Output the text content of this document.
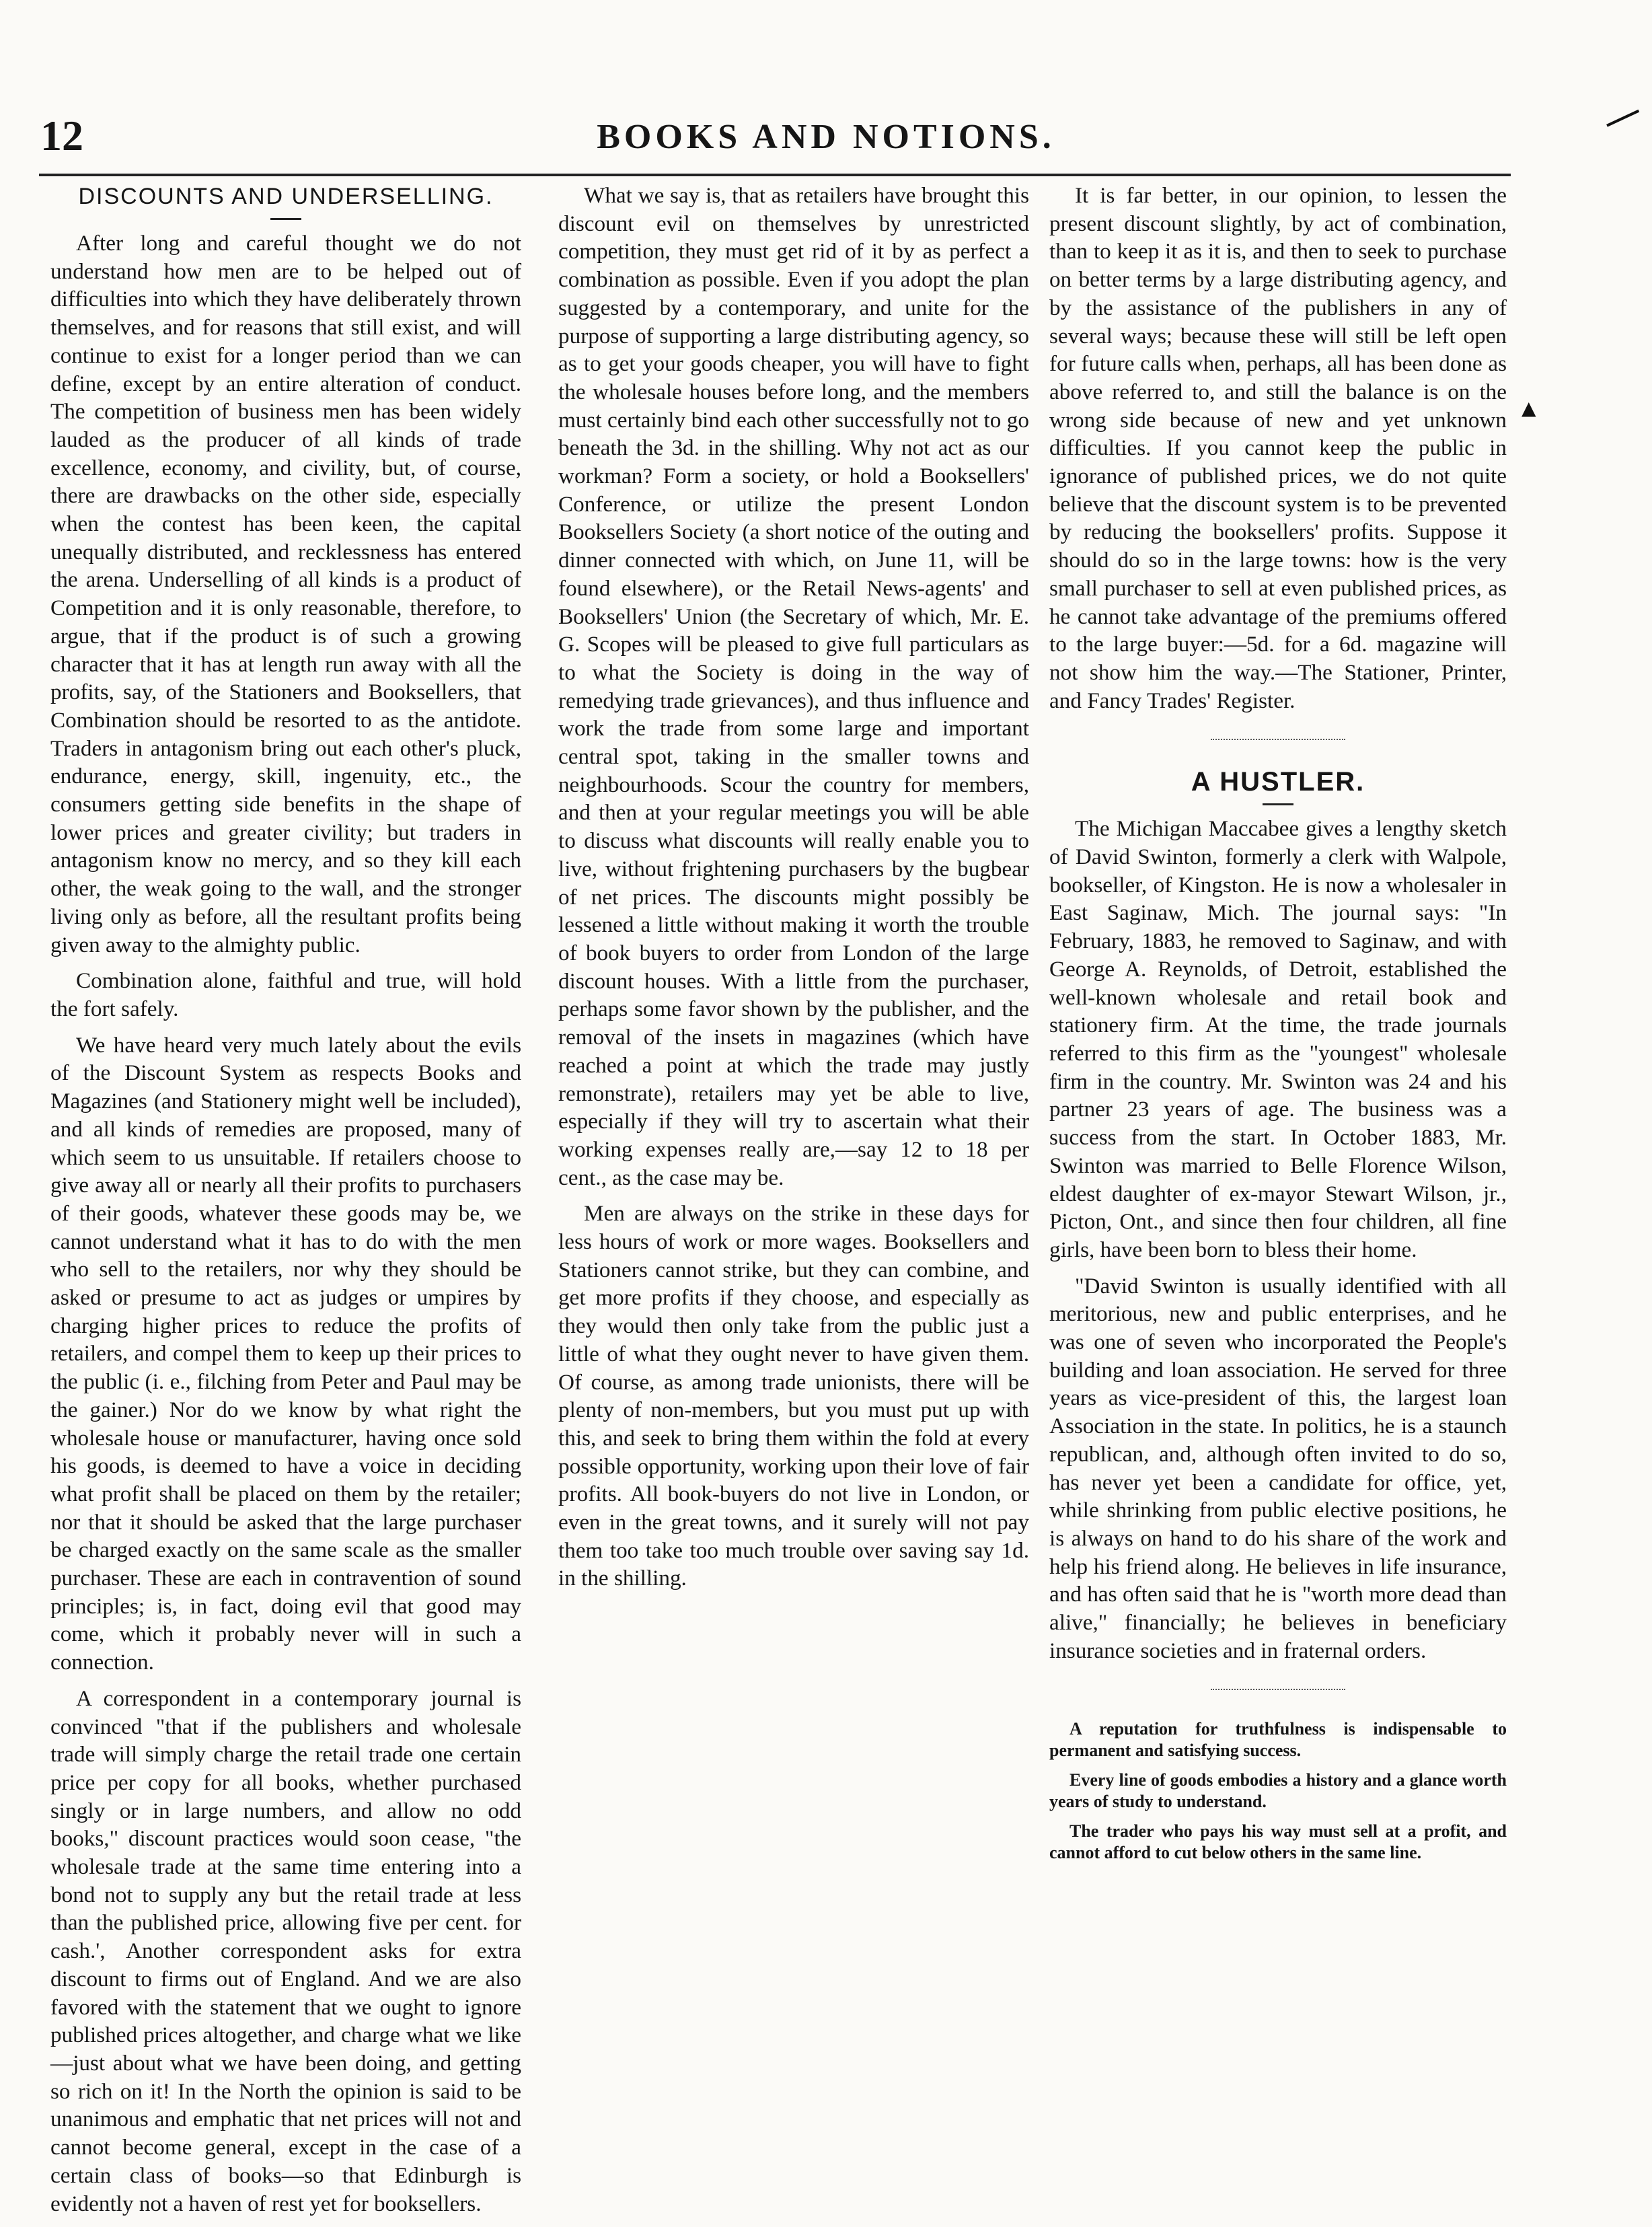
12	BOOKS AND NOTIONS.	—
▲
DISCOUNTS AND UNDERSELLING.

After long and careful thought we do not understand how men are to be helped out of difficulties into which they have deliberately thrown themselves, and for reasons that still exist, and will continue to exist for a longer period than we can define, except by an entire alteration of conduct. The competition of business men has been widely lauded as the producer of all kinds of trade excellence, economy, and civility, but, of course, there are drawbacks on the other side, especially when the contest has been keen, the capital unequally distributed, and recklessness has entered the arena. Underselling of all kinds is a product of Competition and it is only reasonable, therefore, to argue, that if the product is of such a growing character that it has at length run away with all the profits, say, of the Stationers and Booksellers, that Combination should be resorted to as the antidote. Traders in antagonism bring out each other's pluck, endurance, energy, skill, ingenuity, etc., the consumers getting side benefits in the shape of lower prices and greater civility; but traders in antagonism know no mercy, and so they kill each other, the weak going to the wall, and the stronger living only as before, all the resultant profits being given away to the almighty public.

Combination alone, faithful and true, will hold the fort safely.

We have heard very much lately about the evils of the Discount System as respects Books and Magazines (and Stationery might well be included), and all kinds of remedies are proposed, many of which seem to us unsuitable. If retailers choose to give away all or nearly all their profits to purchasers of their goods, whatever these goods may be, we cannot understand what it has to do with the men who sell to the retailers, nor why they should be asked or presume to act as judges or umpires by charging higher prices to reduce the profits of retailers, and compel them to keep up their prices to the public (i. e., filching from Peter and Paul may be the gainer.) Nor do we know by what right the wholesale house or manufacturer, having once sold his goods, is deemed to have a voice in deciding what profit shall be placed on them by the retailer; nor that it should be asked that the large purchaser be charged exactly on the same scale as the smaller purchaser. These are each in contravention of sound principles; is, in fact, doing evil that good may come, which it probably never will in such a connection.

A correspondent in a contemporary journal is convinced "that if the publishers and wholesale trade will simply charge the retail trade one certain price per copy for all books, whether purchased singly or in large numbers, and allow no odd books," discount practices would soon cease, "the wholesale trade at the same time entering into a bond not to supply any but the retail trade at less than the published price, allowing five per cent. for cash.', Another correspondent asks for extra discount to firms out of England. And we are also favored with the statement that we ought to ignore published prices altogether, and charge what we like—just about what we have been doing, and getting so rich on it! In the North the opinion is said to be unanimous and emphatic that net prices will not and cannot become general, except in the case of a certain class of books—so that Edinburgh is evidently not a haven of rest yet for booksellers.

What we say is, that as retailers have brought this discount evil on themselves by unrestricted competition, they must get rid of it by as perfect a combination as possible. Even if you adopt the plan suggested by a contemporary, and unite for the purpose of supporting a large distributing agency, so as to get your goods cheaper, you will have to fight the wholesale houses before long, and the members must certainly bind each other successfully not to go beneath the 3d. in the shilling. Why not act as our workman? Form a society, or hold a Booksellers' Conference, or utilize the present London Booksellers Society (a short notice of the outing and dinner connected with which, on June 11, will be found elsewhere), or the Retail News-agents' and Booksellers' Union (the Secretary of which, Mr. E. G. Scopes will be pleased to give full particulars as to what the Society is doing in the way of remedying trade grievances), and thus influence and work the trade from some large and important central spot, taking in the smaller towns and neighbourhoods. Scour the country for members, and then at your regular meetings you will be able to discuss what discounts will really enable you to live, without frightening purchasers by the bugbear of net prices. The discounts might possibly be lessened a little without making it worth the trouble of book buyers to order from London of the large discount houses. With a little from the purchaser, perhaps some favor shown by the publisher, and the removal of the insets in magazines (which have reached a point at which the trade may justly remonstrate), retailers may yet be able to live, especially if they will try to ascertain what their working expenses really are,—say 12 to 18 per cent., as the case may be.

Men are always on the strike in these days for less hours of work or more wages. Booksellers and Stationers cannot strike, but they can combine, and get more profits if they choose, and especially as they would then only take from the public just a little of what they ought never to have given them. Of course, as among trade unionists, there will be plenty of non-members, but you must put up with this, and seek to bring them within the fold at every possible opportunity, working upon their love of fair profits. All book-buyers do not live in London, or even in the great towns, and it surely will not pay them too take too much trouble over saving say 1d. in the shilling.

It is far better, in our opinion, to lessen the present discount slightly, by act of combination, than to keep it as it is, and then to seek to purchase on better terms by a large distributing agency, and by the assistance of the publishers in any of several ways; because these will still be left open for future calls when, perhaps, all has been done as above referred to, and still the balance is on the wrong side because of new and yet unknown difficulties. If you cannot keep the public in ignorance of published prices, we do not quite believe that the discount system is to be prevented by reducing the booksellers' profits. Suppose it should do so in the large towns: how is the very small purchaser to sell at even published prices, as he cannot take advantage of the premiums offered to the large buyer:—5d. for a 6d. magazine will not show him the way.—The Stationer, Printer, and Fancy Trades' Register.

A HUSTLER.

The Michigan Maccabee gives a lengthy sketch of David Swinton, formerly a clerk with Walpole, bookseller, of Kingston. He is now a wholesaler in East Saginaw, Mich. The journal says: "In February, 1883, he removed to Saginaw, and with George A. Reynolds, of Detroit, established the well-known wholesale and retail book and stationery firm. At the time, the trade journals referred to this firm as the "youngest" wholesale firm in the country. Mr. Swinton was 24 and his partner 23 years of age. The business was a success from the start. In October 1883, Mr. Swinton was married to Belle Florence Wilson, eldest daughter of ex-mayor Stewart Wilson, jr., Picton, Ont., and since then four children, all fine girls, have been born to bless their home.

"David Swinton is usually identified with all meritorious, new and public enterprises, and he was one of seven who incorporated the People's building and loan association. He served for three years as vice-president of this, the largest loan Association in the state. In politics, he is a staunch republican, and, although often invited to do so, has never yet been a candidate for office, yet, while shrinking from public elective positions, he is always on hand to do his share of the work and help his friend along. He believes in life insurance, and has often said that he is "worth more dead than alive," financially; he believes in beneficiary insurance societies and in fraternal orders.

A reputation for truthfulness is indispensable to permanent and satisfying success.

Every line of goods embodies a history and a glance worth years of study to understand.

The trader who pays his way must sell at a profit, and cannot afford to cut below others in the same line.
